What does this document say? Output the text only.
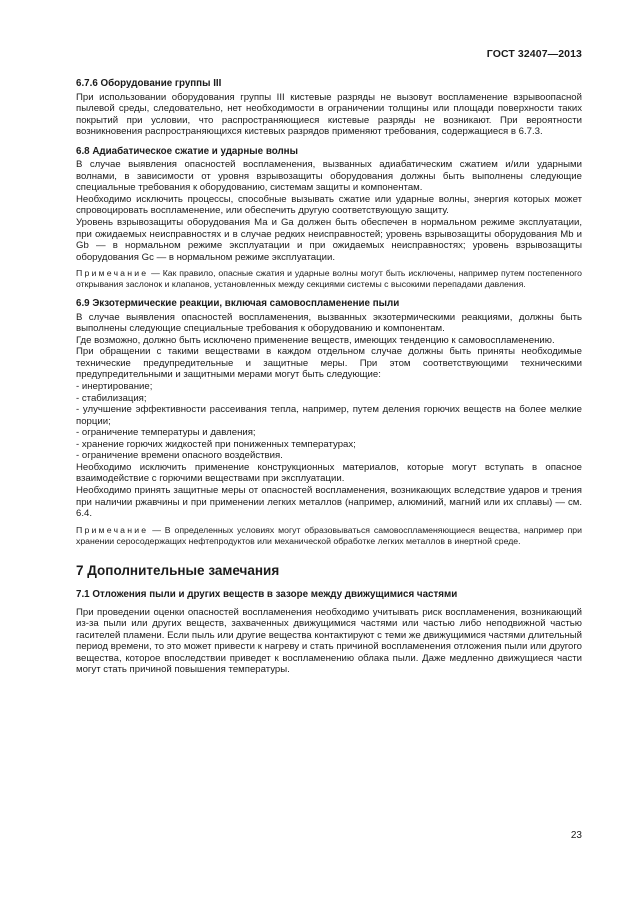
ГОСТ 32407—2013
6.7.6 Оборудование группы III

При использовании оборудования группы III кистевые разряды не вызовут воспламенение взрывоопасной пылевой среды, следовательно, нет необходимости в ограничении толщины или площади поверхности таких покрытий при условии, что распространяющиеся кистевые разряды не возникают. При вероятности возникновения распространяющихся кистевых разрядов применяют требования, содержащиеся в 6.7.3.

6.8 Адиабатическое сжатие и ударные волны

В случае выявления опасностей воспламенения, вызванных адиабатическим сжатием и/или ударными волнами, в зависимости от уровня взрывозащиты оборудования должны быть выполнены следующие специальные требования к оборудованию, системам защиты и компонентам.

Необходимо исключить процессы, способные вызывать сжатие или ударные волны, энергия которых может спровоцировать воспламенение, или обеспечить другую соответствующую защиту.

Уровень взрывозащиты оборудования Ма и Ga должен быть обеспечен в нормальном режиме эксплуатации, при ожидаемых неисправностях и в случае редких неисправностей; уровень взрывозащиты оборудования Mb и Gb — в нормальном режиме эксплуатации и при ожидаемых неисправностях; уровень взрывозащиты оборудования Gc — в нормальном режиме эксплуатации.

Примечание — Как правило, опасные сжатия и ударные волны могут быть исключены, например путем постепенного открывания заслонок и клапанов, установленных между секциями системы с высокими перепадами давления.

6.9 Экзотермические реакции, включая самовоспламенение пыли

В случае выявления опасностей воспламенения, вызванных экзотермическими реакциями, должны быть выполнены следующие специальные требования к оборудованию и компонентам.

Где возможно, должно быть исключено применение веществ, имеющих тенденцию к самовоспламенению.

При обращении с такими веществами в каждом отдельном случае должны быть приняты необходимые технические предупредительные и защитные меры. При этом соответствующими техническими предупредительными и защитными мерами могут быть следующие:

- инертирование;

- стабилизация;

- улучшение эффективности рассеивания тепла, например, путем деления горючих веществ на более мелкие порции;

- ограничение температуры и давления;

- хранение горючих жидкостей при пониженных температурах;

- ограничение времени опасного воздействия.

Необходимо исключить применение конструкционных материалов, которые могут вступать в опасное взаимодействие с горючими веществами при эксплуатации.

Необходимо принять защитные меры от опасностей воспламенения, возникающих вследствие ударов и трения при наличии ржавчины и при применении легких металлов (например, алюминий, магний или их сплавы) — см. 6.4.

Примечание — В определенных условиях могут образовываться самовоспламеняющиеся вещества, например при хранении серосодержащих нефтепродуктов или механической обработке легких металлов в инертной среде.

7 Дополнительные замечания
7.1 Отложения пыли и других веществ в зазоре между движущимися частями

При проведении оценки опасностей воспламенения необходимо учитывать риск воспламенения, возникающий из-за пыли или других веществ, захваченных движущимися частями или частью либо неподвижной частью гасителей пламени. Если пыль или другие вещества контактируют с теми же движущимися частями длительный период времени, то это может привести к нагреву и стать причиной воспламенения отложения пыли или другого вещества, которое впоследствии приведет к воспламенению облака пыли. Даже медленно движущиеся части могут стать причиной повышения температуры.

23
